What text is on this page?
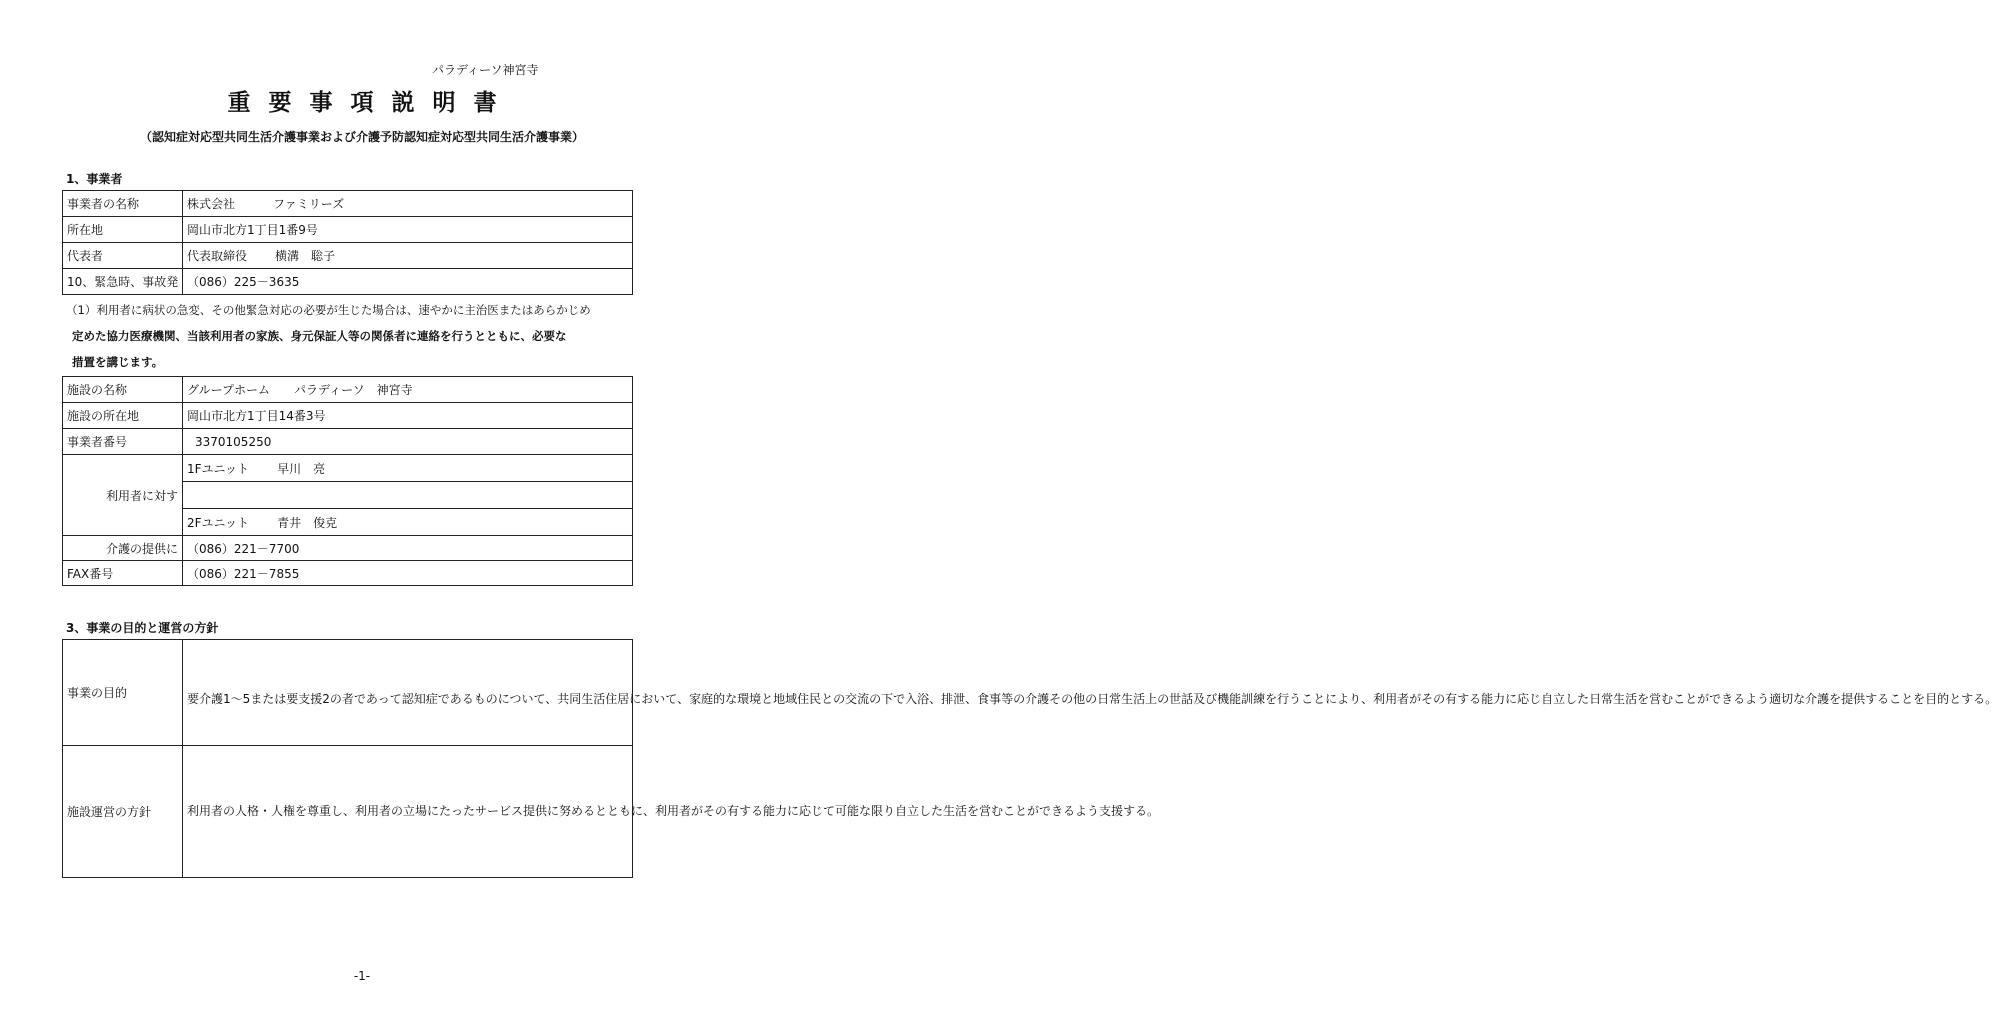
パラディーソ神宮寺
重要事項説明書
（認知症対応型共同生活介護事業および介護予防認知症対応型共同生活介護事業）
1、事業者
事業者の名称	株式会社 ファミリーズ
所在地	岡山市北方1丁目1番9号
代表者	代表取締役 横溝　聡子

10、緊急時、事故発	（086）225－3635
（1）利用者に病状の急変、その他緊急対応の必要が生じた場合は、速やかに主治医またはあらかじめ
定めた協力医療機関、当該利用者の家族、身元保証人等の関係者に連絡を行うとともに、必要な
措置を講じます。
施設の名称	グループホーム パラディーソ 神宮寺
施設の所在地	岡山市北方1丁目14番3号
事業者番号	3370105250

利用者に対す	1Fユニット 早川　亮

	2Fユニット 青井　俊克

介護の提供に	（086）221－7700
FAX番号	（086）221－7855
3、事業の目的と運営の方針
事業の目的	要介護1～5または要支援2の者であって認知症であるものについて、共同生活住居において、家庭的な環境と地域住民との交流の下で入浴、排泄、食事等の介護その他の日常生活上の世話及び機能訓練を行うことにより、利用者がその有する能力に応じ自立した日常生活を営むことができるよう適切な介護を提供することを目的とする。
施設運営の方針	利用者の人格・人権を尊重し、利用者の立場にたったサービス提供に努めるとともに、利用者がその有する能力に応じて可能な限り自立した生活を営むことができるよう支援する。
-1-
